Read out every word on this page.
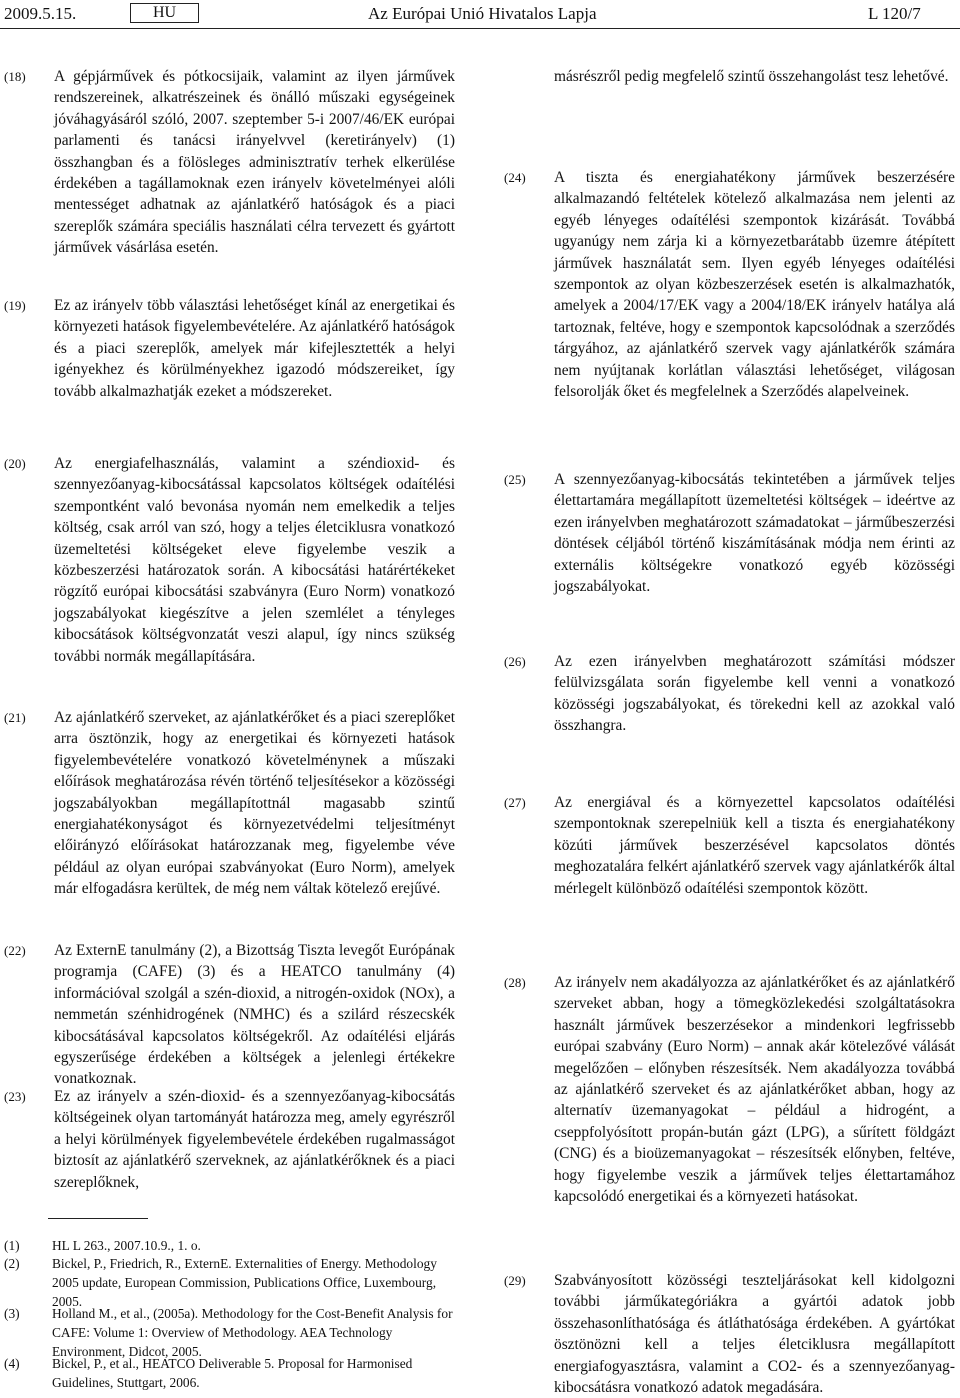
2009.5.15.	HU	Az Európai Unió Hivatalos Lapja	L 120/7
(18) A gépjárművek és pótkocsijaik, valamint az ilyen járművek rendszereinek, alkatrészeinek és önálló műszaki egységeinek jóváhagyásáról szóló, 2007. szeptember 5-i 2007/46/EK európai parlamenti és tanácsi irányelvvel (keretirányelv) (1) összhangban és a fölösleges adminisztratív terhek elkerülése érdekében a tagállamoknak ezen irányelv követelményei alóli mentességet adhatnak az ajánlatkérő hatóságok és a piaci szereplők számára speciális használati célra tervezett és gyártott járművek vásárlása esetén.

(19) Ez az irányelv több választási lehetőséget kínál az energetikai és környezeti hatások figyelembevételére. Az ajánlatkérő hatóságok és a piaci szereplők, amelyek már kifejlesztették a helyi igényekhez és körülményekhez igazodó módszereiket, így tovább alkalmazhatják ezeket a módszereket.

másrészről pedig megfelelő szintű összehangolást tesz lehetővé.

(24) A tiszta és energiahatékony járművek beszerzésére alkalmazandó feltételek kötelező alkalmazása nem jelenti az egyéb lényeges odaítélési szempontok kizárását. Továbbá ugyanúgy nem zárja ki a környezetbarátabb üzemre átépített járművek használatát sem. Ilyen egyéb lényeges odaítélési szempontok az olyan közbeszerzések esetén is alkalmazhatók, amelyek a 2004/17/EK vagy a 2004/18/EK irányelv hatálya alá tartoznak, feltéve, hogy e szempontok kapcsolódnak a szerződés tárgyához, az ajánlatkérő szervek vagy ajánlatkérők számára nem nyújtanak korlátlan választási lehetőséget, világosan felsorolják őket és megfelelnek a Szerződés alapelveinek.

(20) Az energiafelhasználás, valamint a széndioxid- és szennyezőanyag-kibocsátással kapcsolatos költségek odaítélési szempontként való bevonása nyomán nem emelkedik a teljes költség, csak arról van szó, hogy a teljes életciklusra vonatkozó üzemeltetési költségeket eleve figyelembe veszik a közbeszerzési határozatok során. A kibocsátási határértékeket rögzítő európai kibocsátási szabványra (Euro Norm) vonatkozó jogszabályokat kiegészítve a jelen szemlélet a tényleges kibocsátások költségvonzatát veszi alapul, így nincs szükség további normák megállapítására.

(21) Az ajánlatkérő szerveket, az ajánlatkérőket és a piaci szereplőket arra ösztönzik, hogy az energetikai és környezeti hatások figyelembevételére vonatkozó követelménynek a műszaki előírások meghatározása révén történő teljesítésekor a közösségi jogszabályokban megállapítottnál magasabb szintű energiahatékonyságot és környezetvédelmi teljesítményt előirányzó előírásokat határozzanak meg, figyelembe véve például az olyan európai szabványokat (Euro Norm), amelyek már elfogadásra kerültek, de még nem váltak kötelező erejűvé.

(22) Az ExternE tanulmány (2), a Bizottság Tiszta levegőt Európának programja (CAFE) (3) és a HEATCO tanulmány (4) információval szolgál a szén-dioxid, a nitrogén-oxidok (NOx), a nemmetán szénhidrogének (NMHC) és a szilárd részecskék kibocsátásával kapcsolatos költségekről. Az odaítélési eljárás egyszerűsége érdekében a költségek a jelenlegi értékekre vonatkoznak.

(23) Ez az irányelv a szén-dioxid- és a szennyezőanyag-kibocsátás költségeinek olyan tartományát határozza meg, amely egyrészről a helyi körülmények figyelembevétele érdekében rugalmasságot biztosít az ajánlatkérő szerveknek, az ajánlatkérőknek és a piaci szereplőknek,

(25) A szennyezőanyag-kibocsátás tekintetében a járművek teljes élettartamára megállapított üzemeltetési költségek – ideértve az ezen irányelvben meghatározott számadatokat – járműbeszerzési döntések céljából történő kiszámításának módja nem érinti az externális költségekre vonatkozó egyéb közösségi jogszabályokat.

(26) Az ezen irányelvben meghatározott számítási módszer felülvizsgálata során figyelembe kell venni a vonatkozó közösségi jogszabályokat, és törekedni kell az azokkal való összhangra.

(27) Az energiával és a környezettel kapcsolatos odaítélési szempontoknak szerepelniük kell a tiszta és energiahatékony közúti járművek beszerzésével kapcsolatos döntés meghozatalára felkért ajánlatkérő szervek vagy ajánlatkérők által mérlegelt különböző odaítélési szempontok között.

(28) Az irányelv nem akadályozza az ajánlatkérőket és az ajánlatkérő szerveket abban, hogy a tömegközlekedési szolgáltatásokra használt járművek beszerzésekor a mindenkori legfrissebb európai szabvány (Euro Norm) – annak akár kötelezővé válását megelőzően – előnyben részesítsék. Nem akadályozza továbbá az ajánlatkérő szerveket és az ajánlatkérőket abban, hogy az alternatív üzemanyagokat – például a hidrogént, a cseppfolyósított propán-bután gázt (LPG), a sűrített földgázt (CNG) és a bioüzemanyagokat – részesítsék előnyben, feltéve, hogy figyelembe veszik a járművek teljes élettartamához kapcsolódó energetikai és a környezeti hatásokat.

(29) Szabványosított közösségi teszteljárásokat kell kidolgozni további járműkategóriákra a gyártói adatok jobb összehasonlíthatósága és átláthatósága érdekében. A gyártókat ösztönözni kell a teljes életciklusra megállapított energiafogyasztásra, valamint a CO2- és a szennyezőanyag-kibocsátásra vonatkozó adatok megadására.

(1) HL L 263., 2007.10.9., 1. o.

(2) Bickel, P., Friedrich, R., ExternE. Externalities of Energy. Methodology 2005 update, European Commission, Publications Office, Luxembourg, 2005.

(3) Holland M., et al., (2005a). Methodology for the Cost-Benefit Analysis for CAFE: Volume 1: Overview of Methodology. AEA Technology Environment, Didcot, 2005.

(4) Bickel, P., et al., HEATCO Deliverable 5. Proposal for Harmonised Guidelines, Stuttgart, 2006.
